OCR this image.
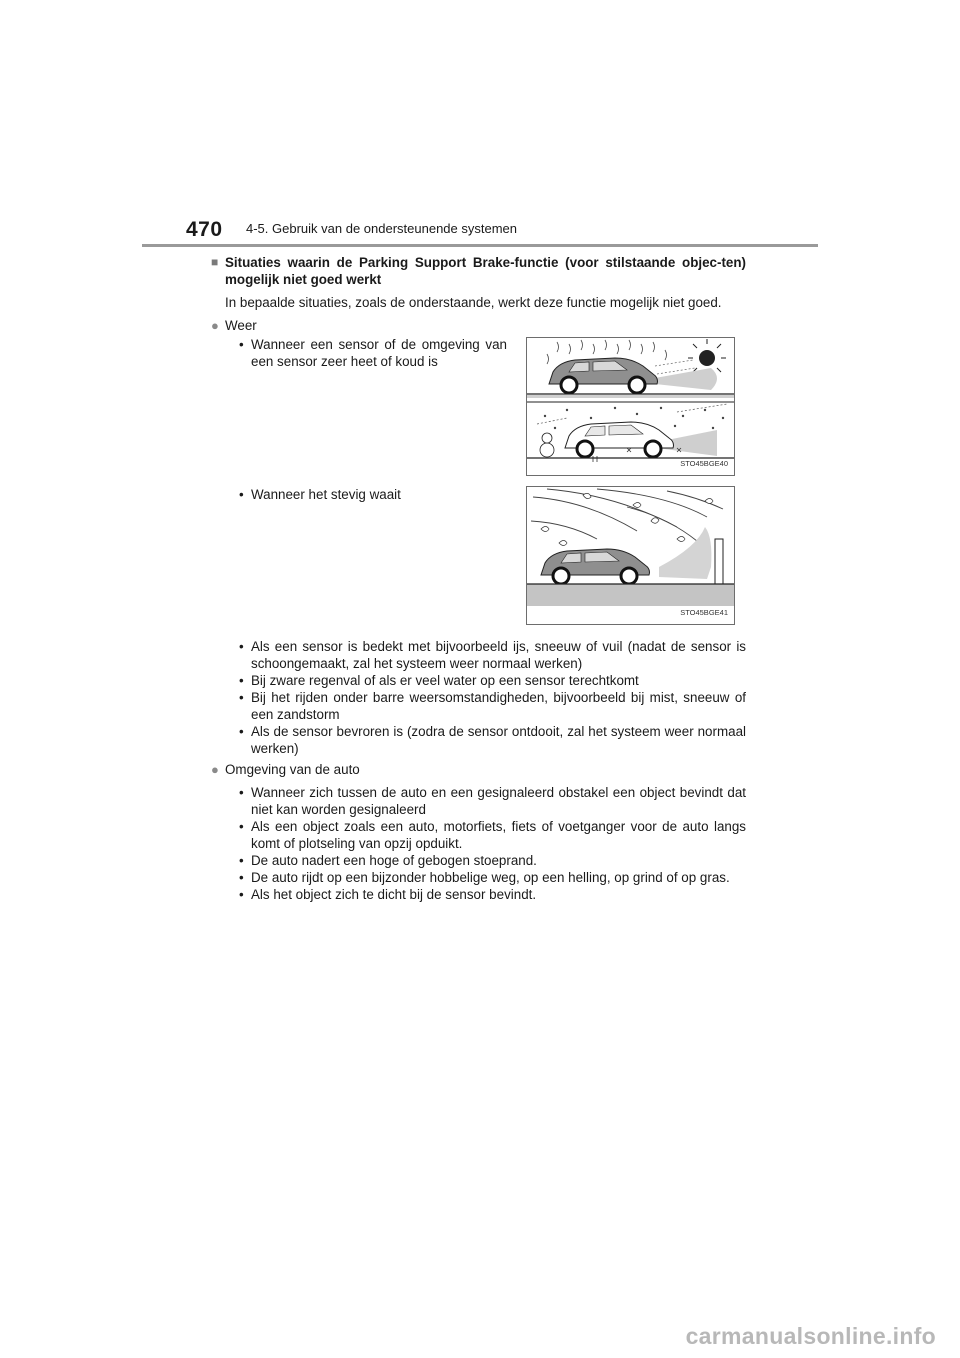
470 4-5. Gebruik van de ondersteunende systemen
■ Situaties waarin de Parking Support Brake-functie (voor stilstaande objec-ten) mogelijk niet goed werkt
In bepaalde situaties, zoals de onderstaande, werkt deze functie mogelijk niet goed.
● Weer
• Wanneer een sensor of de omgeving van een sensor zeer heet of koud is
• Wanneer het stevig waait
STO45BGE40
STO45BGE41
• Als een sensor is bedekt met bijvoorbeeld ijs, sneeuw of vuil (nadat de sensor is schoongemaakt, zal het systeem weer normaal werken)
• Bij zware regenval of als er veel water op een sensor terechtkomt
• Bij het rijden onder barre weersomstandigheden, bijvoorbeeld bij mist, sneeuw of een zandstorm
• Als de sensor bevroren is (zodra de sensor ontdooit, zal het systeem weer normaal werken)
● Omgeving van de auto
• Wanneer zich tussen de auto en een gesignaleerd obstakel een object bevindt dat niet kan worden gesignaleerd
• Als een object zoals een auto, motorfiets, fiets of voetganger voor de auto langs komt of plotseling van opzij opduikt.
• De auto nadert een hoge of gebogen stoeprand.
• De auto rijdt op een bijzonder hobbelige weg, op een helling, op grind of op gras.
• Als het object zich te dicht bij de sensor bevindt.
carmanualsonline.info
